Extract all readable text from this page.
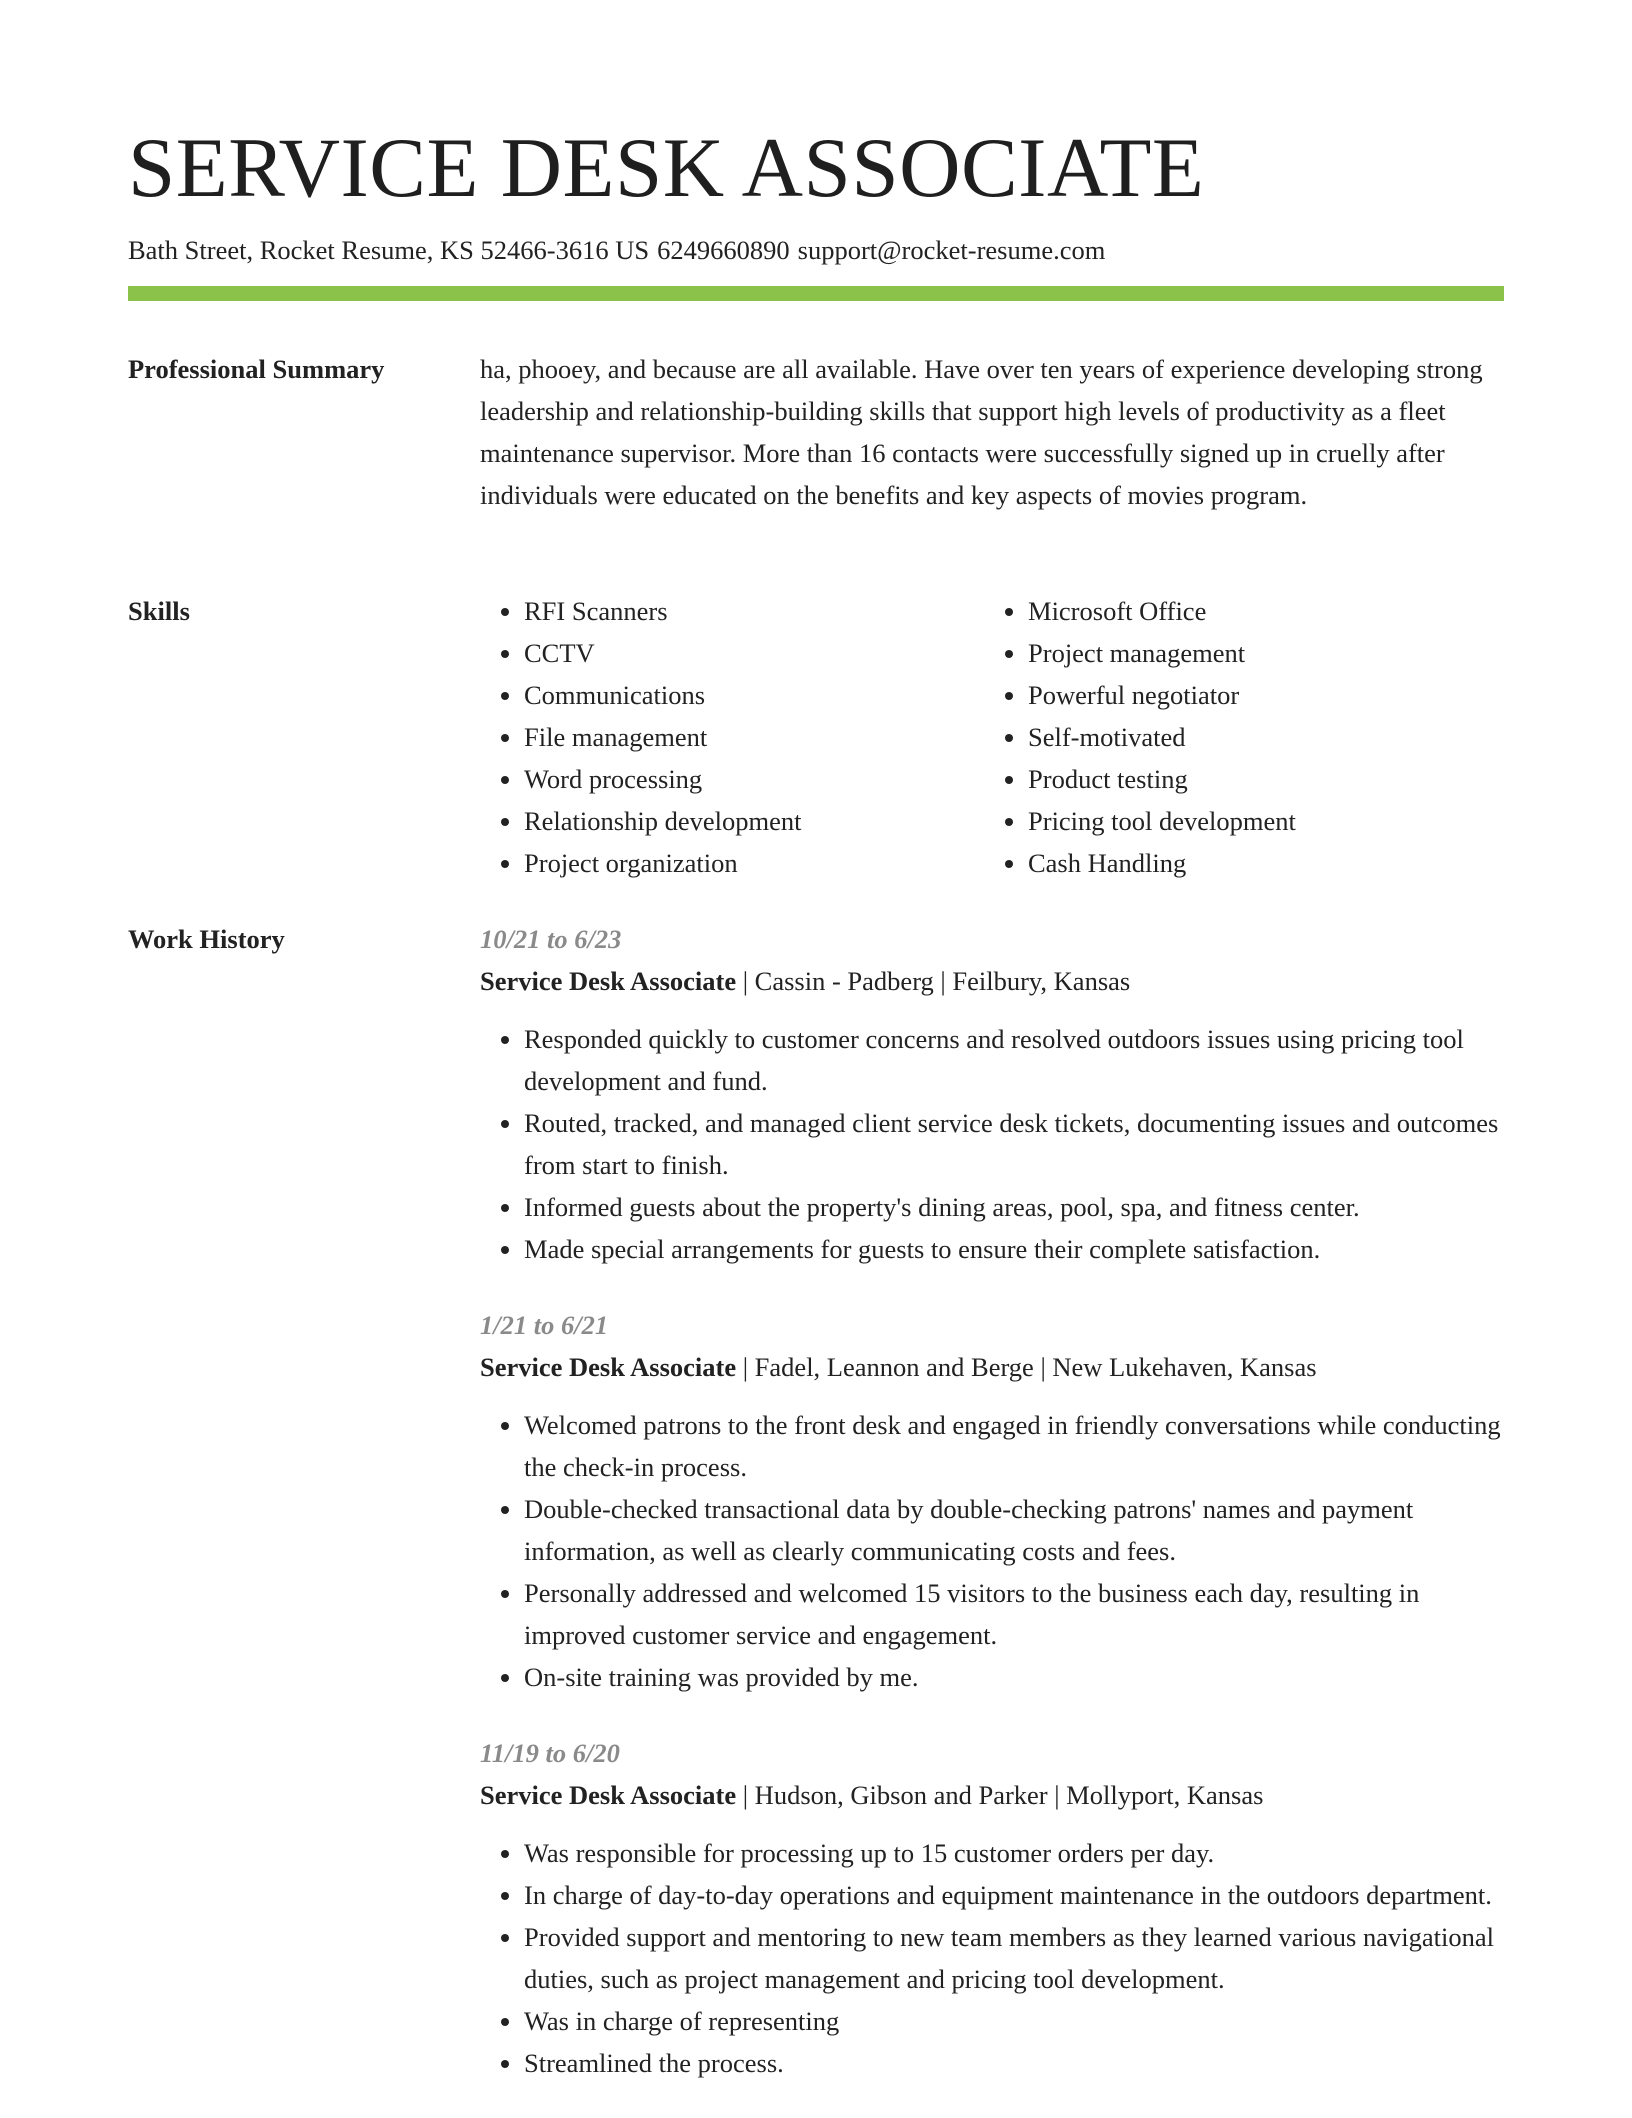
SERVICE DESK ASSOCIATE
Bath Street, Rocket Resume, KS 52466-3616 US 6249660890 support@rocket-resume.com
Professional Summary	ha, phooey, and because are all available. Have over ten years of experience developing strong leadership and relationship-building skills that support high levels of productivity as a fleet maintenance supervisor. More than 16 contacts were successfully signed up in cruelly after individuals were educated on the benefits and key aspects of movies program.

Skills
•	RFI Scanners
• CCTV
• Communications
• File management
• Word processing
• Relationship development
• Project organization
• Microsoft Office
• Project management
• Powerful negotiator
• Self-motivated
• Product testing
• Pricing tool development
• Cash Handling
Work History	10/21 to 6/23
Service Desk Associate | Cassin - Padberg | Feilbury, Kansas
• Responded quickly to customer concerns and resolved outdoors issues using pricing tool development and fund.
• Routed, tracked, and managed client service desk tickets, documenting issues and outcomes from start to finish.
• Informed guests about the property's dining areas, pool, spa, and fitness center.
• Made special arrangements for guests to ensure their complete satisfaction.
1/21 to 6/21
Service Desk Associate | Fadel, Leannon and Berge | New Lukehaven, Kansas
• Welcomed patrons to the front desk and engaged in friendly conversations while conducting the check-in process.
• Double-checked transactional data by double-checking patrons' names and payment information, as well as clearly communicating costs and fees.
• Personally addressed and welcomed 15 visitors to the business each day, resulting in improved customer service and engagement.
• On-site training was provided by me.
11/19 to 6/20
Service Desk Associate | Hudson, Gibson and Parker | Mollyport, Kansas
• Was responsible for processing up to 15 customer orders per day.
• In charge of day-to-day operations and equipment maintenance in the outdoors department.
• Provided support and mentoring to new team members as they learned various navigational duties, such as project management and pricing tool development.
• Was in charge of representing
• Streamlined the process.
